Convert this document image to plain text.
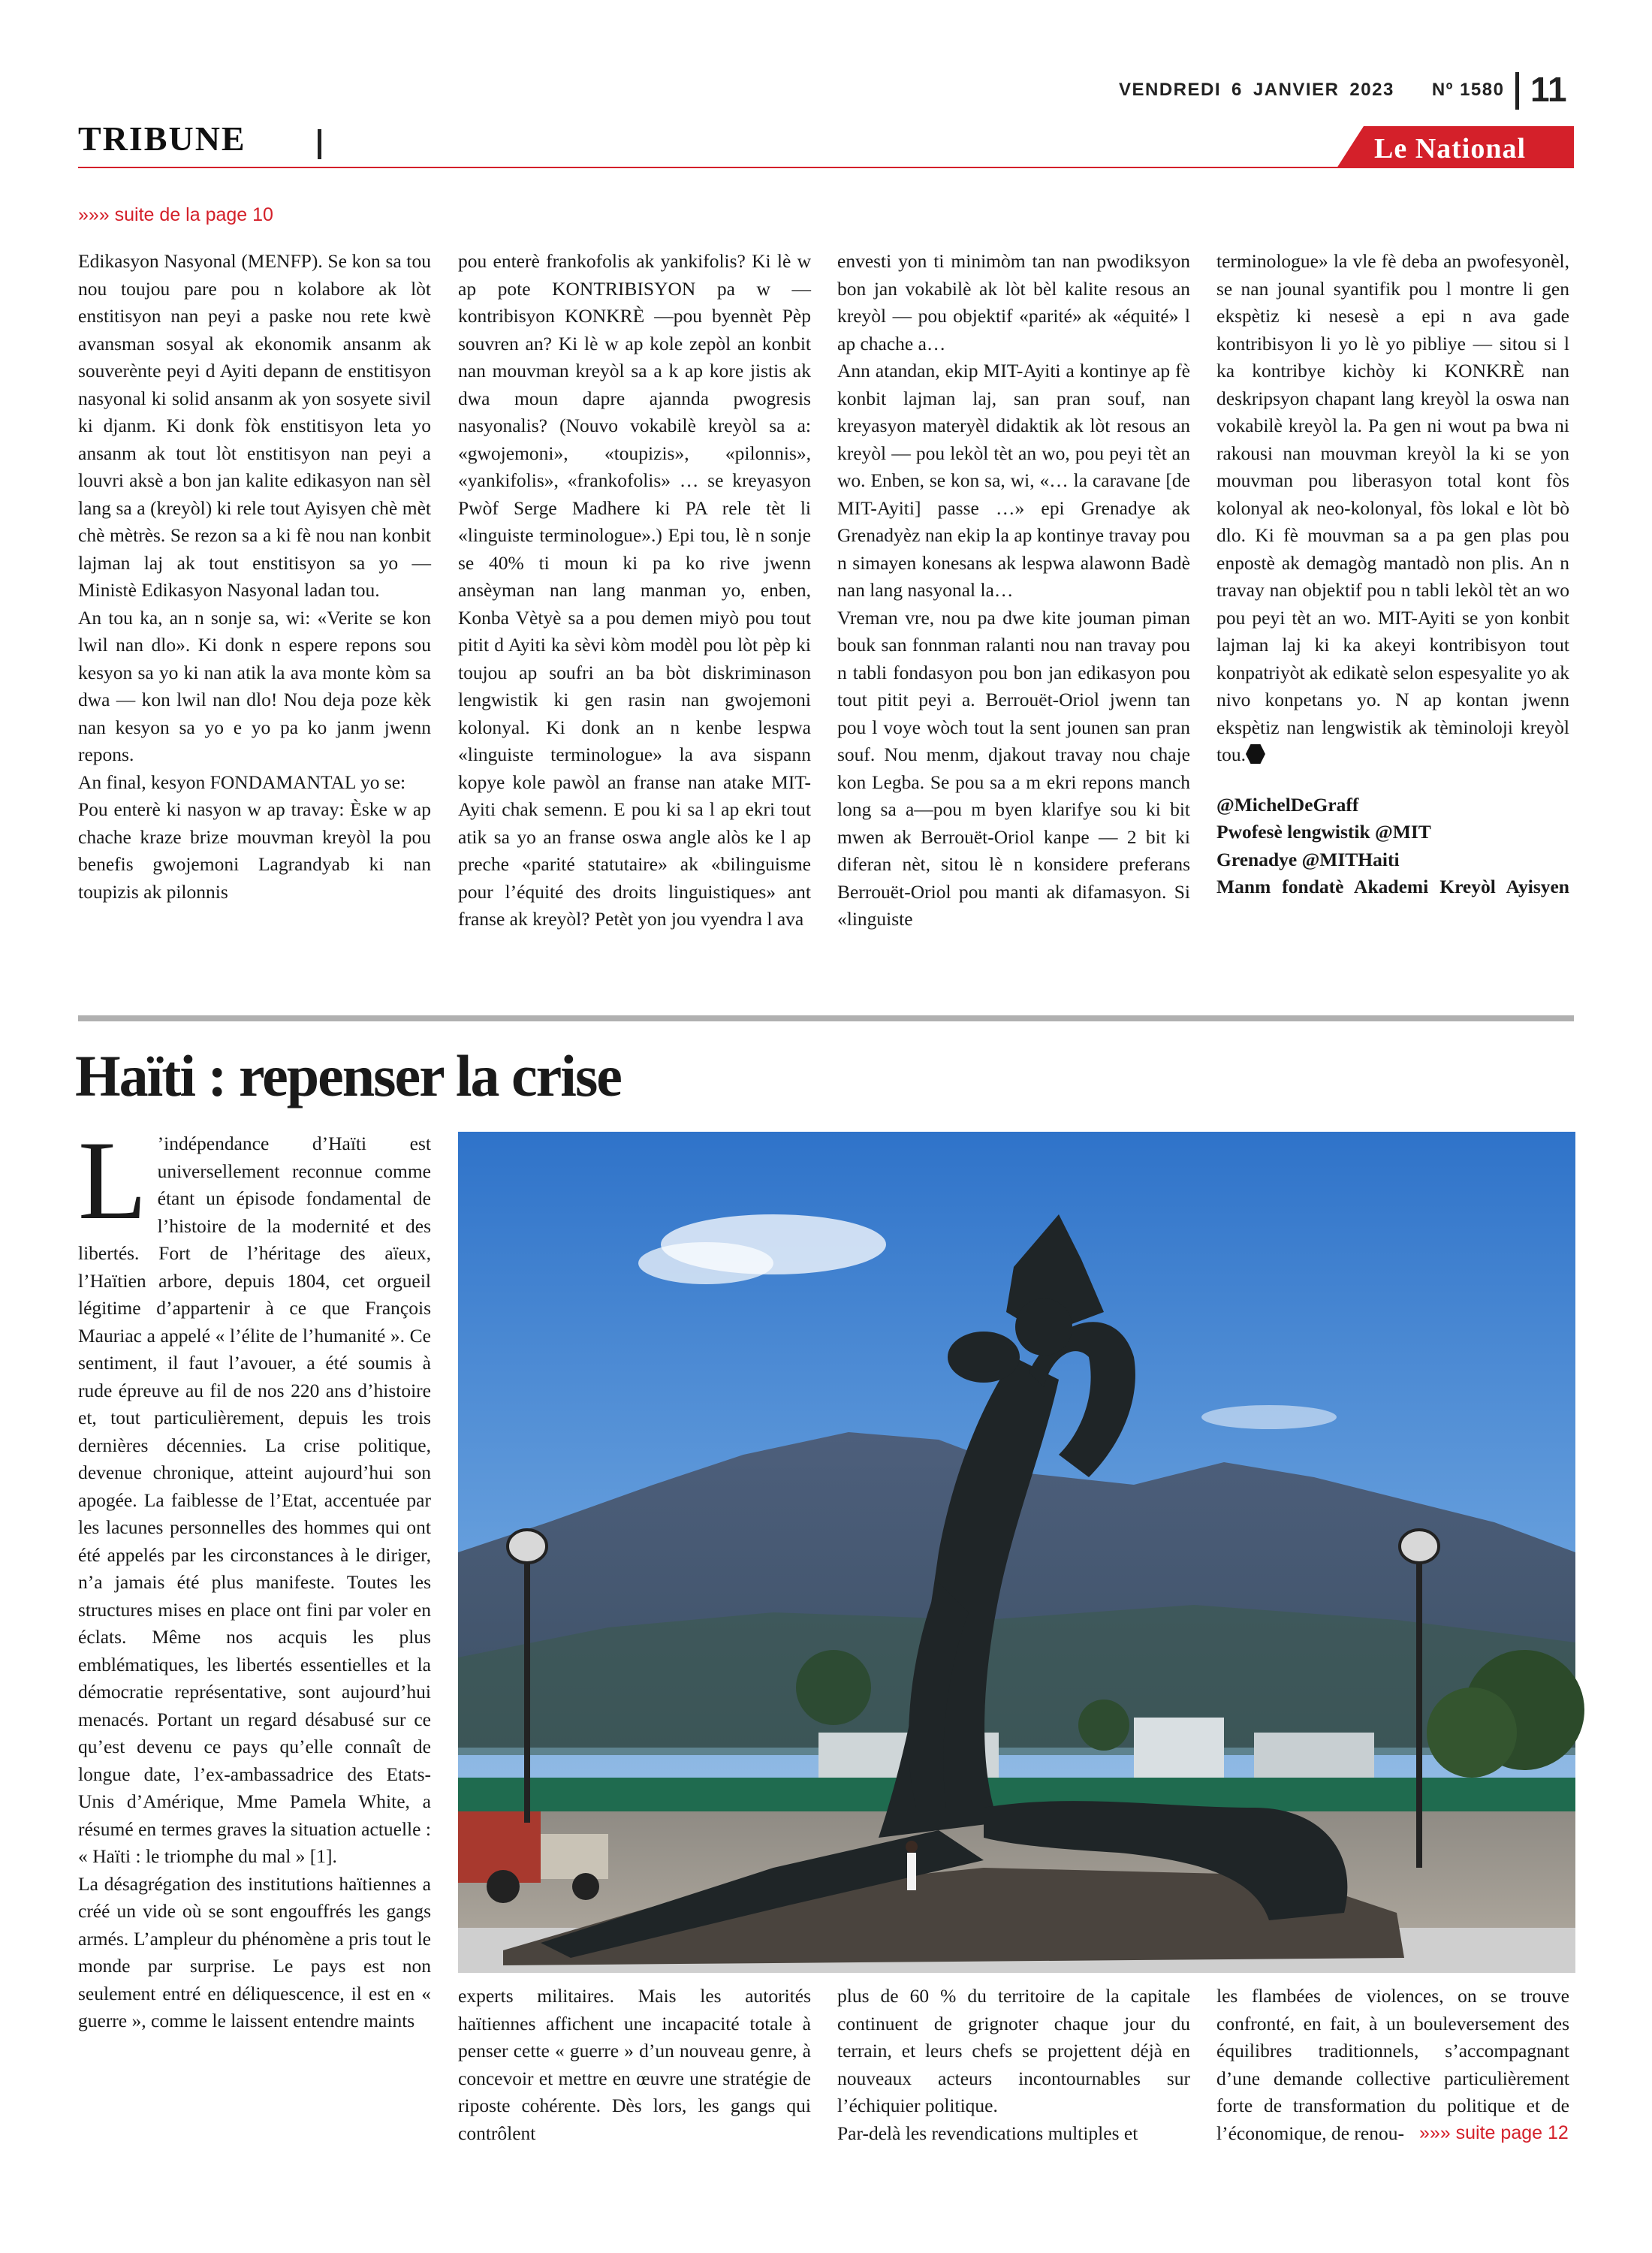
VENDREDI 6 JANVIER 2023 Nº 1580 11
TRIBUNE	Le National
»»» suite de la page 10

Edikasyon Nasyonal (MENFP). Se kon sa tou nou toujou pare pou n kolabore ak lòt enstitisyon nan peyi a paske nou rete kwè avansman sosyal ak ekonomik ansanm ak souverènte peyi d Ayiti depann de enstitisyon nasyonal ki solid ansanm ak yon sosyete sivil ki djanm. Ki donk fòk enstitisyon leta yo ansanm ak tout lòt enstitisyon nan peyi a louvri aksè a bon jan kalite edikasyon nan sèl lang sa a (kreyòl) ki rele tout Ayisyen chè mèt chè mètrès. Se rezon sa a ki fè nou nan konbit lajman laj ak tout enstitisyon sa yo — Ministè Edikasyon Nasyonal ladan tou.

An tou ka, an n sonje sa, wi: «Verite se kon lwil nan dlo». Ki donk n espere repons sou kesyon sa yo ki nan atik la ava monte kòm sa dwa — kon lwil nan dlo! Nou deja poze kèk nan kesyon sa yo e yo pa ko janm jwenn repons.

An final, kesyon FONDAMANTAL yo se:

Pou enterè ki nasyon w ap travay: Èske w ap chache kraze brize mouvman kreyòl la pou benefis gwojemoni Lagrandyab ki nan toupizis ak pilonnis

pou enterè frankofolis ak yankifolis? Ki lè w ap pote KONTRIBISYON pa w — kontribisyon KONKRÈ —pou byennèt Pèp souvren an? Ki lè w ap kole zepòl an konbit nan mouvman kreyòl sa a k ap kore jistis ak dwa moun dapre ajannda pwogresis nasyonalis? (Nouvo vokabilè kreyòl sa a: «gwojemoni», «toupizis», «pilonnis», «yankifolis», «frankofolis» … se kreyasyon Pwòf Serge Madhere ki PA rele tèt li «linguiste terminologue».) Epi tou, lè n sonje se 40% ti moun ki pa ko rive jwenn ansèyman nan lang manman yo, enben, Konba Vètyè sa a pou demen miyò pou tout pitit d Ayiti ka sèvi kòm modèl pou lòt pèp ki toujou ap soufri an ba bòt diskriminason lengwistik ki gen rasin nan gwojemoni kolonyal. Ki donk an n kenbe lespwa «linguiste terminologue» la ava sispann kopye kole pawòl an franse nan atake MIT-Ayiti chak semenn. E pou ki sa l ap ekri tout atik sa yo an franse oswa angle alòs ke l ap preche «parité statutaire» ak «bilinguisme pour l’équité des droits linguistiques» ant franse ak kreyòl? Petèt yon jou vyendra l ava

envesti yon ti minimòm tan nan pwodiksyon bon jan vokabilè ak lòt bèl kalite resous an kreyòl — pou objektif «parité» ak «équité» l ap chache a…

Ann atandan, ekip MIT-Ayiti a kontinye ap fè konbit lajman laj, san pran souf, nan kreyasyon materyèl didaktik ak lòt resous an kreyòl — pou lekòl tèt an wo, pou peyi tèt an wo. Enben, se kon sa, wi, «… la caravane [de MIT-Ayiti] passe …» epi Grenadye ak Grenadyèz nan ekip la ap kontinye travay pou n simayen konesans ak lespwa alawonn Badè nan lang nasyonal la…

Vreman vre, nou pa dwe kite jouman piman bouk san fonnman ralanti nou nan travay pou n tabli fondasyon pou bon jan edikasyon pou tout pitit peyi a. Berrouët-Oriol jwenn tan pou l voye wòch tout la sent jounen san pran souf. Nou menm, djakout travay nou chaje kon Legba. Se pou sa a m ekri repons manch long sa a—pou m byen klarifye sou ki bit mwen ak Berrouët-Oriol kanpe — 2 bit ki diferan nèt, sitou lè n konsidere preferans Berrouët-Oriol pou manti ak difamasyon. Si «linguiste

terminologue» la vle fè deba an pwofesyonèl, se nan jounal syantifik pou l montre li gen ekspètiz ki nesesè a epi n ava gade kontribisyon li yo lè yo pibliye — sitou si l ka kontribye kichòy ki KONKRÈ nan deskripsyon chapant lang kreyòl la oswa nan vokabilè kreyòl la. Pa gen ni wout pa bwa ni rakousi nan mouvman kreyòl la ki se yon mouvman pou liberasyon total kont fòs kolonyal ak neo-kolonyal, fòs lokal e lòt bò dlo. Ki fè mouvman sa a pa gen plas pou enpostè ak demagòg mantadò non plis. An n travay nan objektif pou n tabli lekòl tèt an wo pou peyi tèt an wo. MIT-Ayiti se yon konbit lajman laj ki ka akeyi kontribisyon tout konpatriyòt ak edikatè selon espesyalite yo ak nivo konpetans yo. N ap kontan jwenn ekspètiz nan lengwistik ak tèminoloji kreyòl tou.

@MichelDeGraff

Pwofesè lengwistik @MIT

Grenadye @MITHaiti

Manm fondatè Akademi Kreyòl Ayisyen

Haïti : repenser la crise

L ’indépendance d’Haïti est universellement reconnue comme étant un épisode fondamental de l’histoire de la modernité et des libertés. Fort de l’héritage des aïeux, l’Haïtien arbore, depuis 1804, cet orgueil légitime d’appartenir à ce que François Mauriac a appelé « l’élite de l’humanité ». Ce sentiment, il faut l’avouer, a été soumis à rude épreuve au fil de nos 220 ans d’histoire et, tout particulièrement, depuis les trois dernières décennies. La crise politique, devenue chronique, atteint aujourd’hui son apogée. La faiblesse de l’Etat, accentuée par les lacunes personnelles des hommes qui ont été appelés par les circonstances à le diriger, n’a jamais été plus manifeste. Toutes les structures mises en place ont fini par voler en éclats. Même nos acquis les plus emblématiques, les libertés essentielles et la démocratie représentative, sont aujourd’hui menacés. Portant un regard désabusé sur ce qu’est devenu ce pays qu’elle connaît de longue date, l’ex-ambassadrice des Etats-Unis d’Amérique, Mme Pamela White, a résumé en termes graves la situation actuelle : « Haïti : le triomphe du mal » [1].

La désagrégation des institutions haïtiennes a créé un vide où se sont engouffrés les gangs armés. L’ampleur du phénomène a pris tout le monde par surprise. Le pays est non seulement entré en déliquescence, il est en « guerre », comme le laissent entendre maints

experts militaires. Mais les autorités haïtiennes affichent une incapacité totale à penser cette « guerre » d’un nouveau genre, à concevoir et mettre en œuvre une stratégie de riposte cohérente. Dès lors, les gangs qui contrôlent

plus de 60 % du territoire de la capitale continuent de grignoter chaque jour du terrain, et leurs chefs se projettent déjà en nouveaux acteurs incontournables sur l’échiquier politique.

Par-delà les revendications multiples et

les flambées de violences, on se trouve confronté, en fait, à un bouleversement des équilibres traditionnels, s’accompagnant d’une demande collective particulièrement forte de transformation du politique et de l’économique, de renou- »»» suite page 12
